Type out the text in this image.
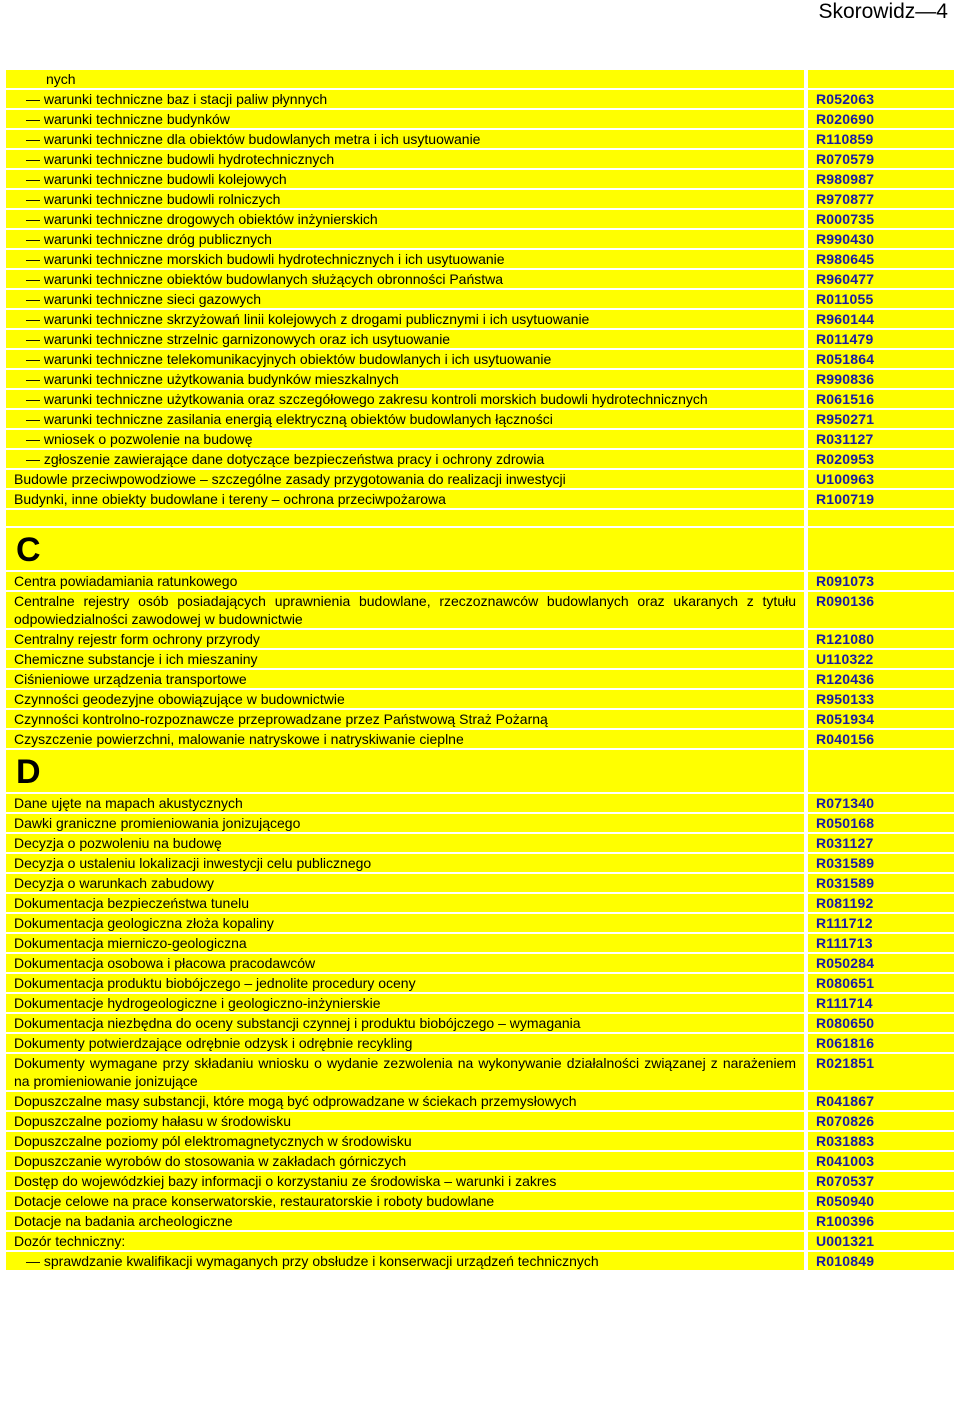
Skorowidz—4
nych
— warunki techniczne baz i stacji paliw płynnych	R052063
— warunki techniczne budynków	R020690
— warunki techniczne dla obiektów budowlanych metra i ich usytuowanie	R110859
— warunki techniczne budowli hydrotechnicznych	R070579
— warunki techniczne budowli kolejowych	R980987
— warunki techniczne budowli rolniczych	R970877
— warunki techniczne drogowych obiektów inżynierskich	R000735
— warunki techniczne dróg publicznych	R990430
— warunki techniczne morskich budowli hydrotechnicznych i ich usytuowanie	R980645
— warunki techniczne obiektów budowlanych służących obronności Państwa	R960477
— warunki techniczne sieci gazowych	R011055
— warunki techniczne skrzyżowań linii kolejowych z drogami publicznymi i ich usytuowanie	R960144
— warunki techniczne strzelnic garnizonowych oraz ich usytuowanie	R011479
— warunki techniczne telekomunikacyjnych obiektów budowlanych i ich usytuowanie	R051864
— warunki techniczne użytkowania budynków mieszkalnych	R990836
— warunki techniczne użytkowania oraz szczegółowego zakresu kontroli morskich budowli hydrotechnicznych	R061516
— warunki techniczne zasilania energią elektryczną obiektów budowlanych łączności	R950271
— wniosek o pozwolenie na budowę	R031127
— zgłoszenie zawierające dane dotyczące bezpieczeństwa pracy i ochrony zdrowia	R020953
Budowle przeciwpowodziowe – szczególne zasady przygotowania do realizacji inwestycji	U100963
Budynki, inne obiekty budowlane i tereny – ochrona przeciwpożarowa	R100719
C
Centra powiadamiania ratunkowego	R091073
Centralne rejestry osób posiadających uprawnienia budowlane, rzeczoznawców budowlanych oraz ukaranych z tytułu odpowiedzialności zawodowej w budownictwie
R090136
Centralny rejestr form ochrony przyrody	R121080
Chemiczne substancje i ich mieszaniny	U110322
Ciśnieniowe urządzenia transportowe	R120436
Czynności geodezyjne obowiązujące w budownictwie	R950133
Czynności kontrolno-rozpoznawcze przeprowadzane przez Państwową Straż Pożarną	R051934
Czyszczenie powierzchni, malowanie natryskowe i natryskiwanie cieplne	R040156
D
Dane ujęte na mapach akustycznych	R071340
Dawki graniczne promieniowania jonizującego	R050168
Decyzja o pozwoleniu na budowę	R031127
Decyzja o ustaleniu lokalizacji inwestycji celu publicznego	R031589
Decyzja o warunkach zabudowy	R031589
Dokumentacja bezpieczeństwa tunelu	R081192
Dokumentacja geologiczna złoża kopaliny	R111712
Dokumentacja mierniczo-geologiczna	R111713
Dokumentacja osobowa i płacowa pracodawców	R050284
Dokumentacja produktu biobójczego – jednolite procedury oceny	R080651
Dokumentacje hydrogeologiczne i geologiczno-inżynierskie	R111714
Dokumentacja niezbędna do oceny substancji czynnej i produktu biobójczego – wymagania	R080650
Dokumenty potwierdzające odrębnie odzysk i odrębnie recykling	R061816
Dokumenty wymagane przy składaniu wniosku o wydanie zezwolenia na wykonywanie działalności związanej z narażeniem na promieniowanie jonizujące
R021851
Dopuszczalne masy substancji, które mogą być odprowadzane w ściekach przemysłowych	R041867
Dopuszczalne poziomy hałasu w środowisku	R070826
Dopuszczalne poziomy pól elektromagnetycznych w środowisku	R031883
Dopuszczanie wyrobów do stosowania w zakładach górniczych	R041003
Dostęp do wojewódzkiej bazy informacji o korzystaniu ze środowiska – warunki i zakres	R070537
Dotacje celowe na prace konserwatorskie, restauratorskie i roboty budowlane	R050940
Dotacje na badania archeologiczne	R100396
Dozór techniczny:	U001321
— sprawdzanie kwalifikacji wymaganych przy obsłudze i konserwacji urządzeń technicznych	R010849
